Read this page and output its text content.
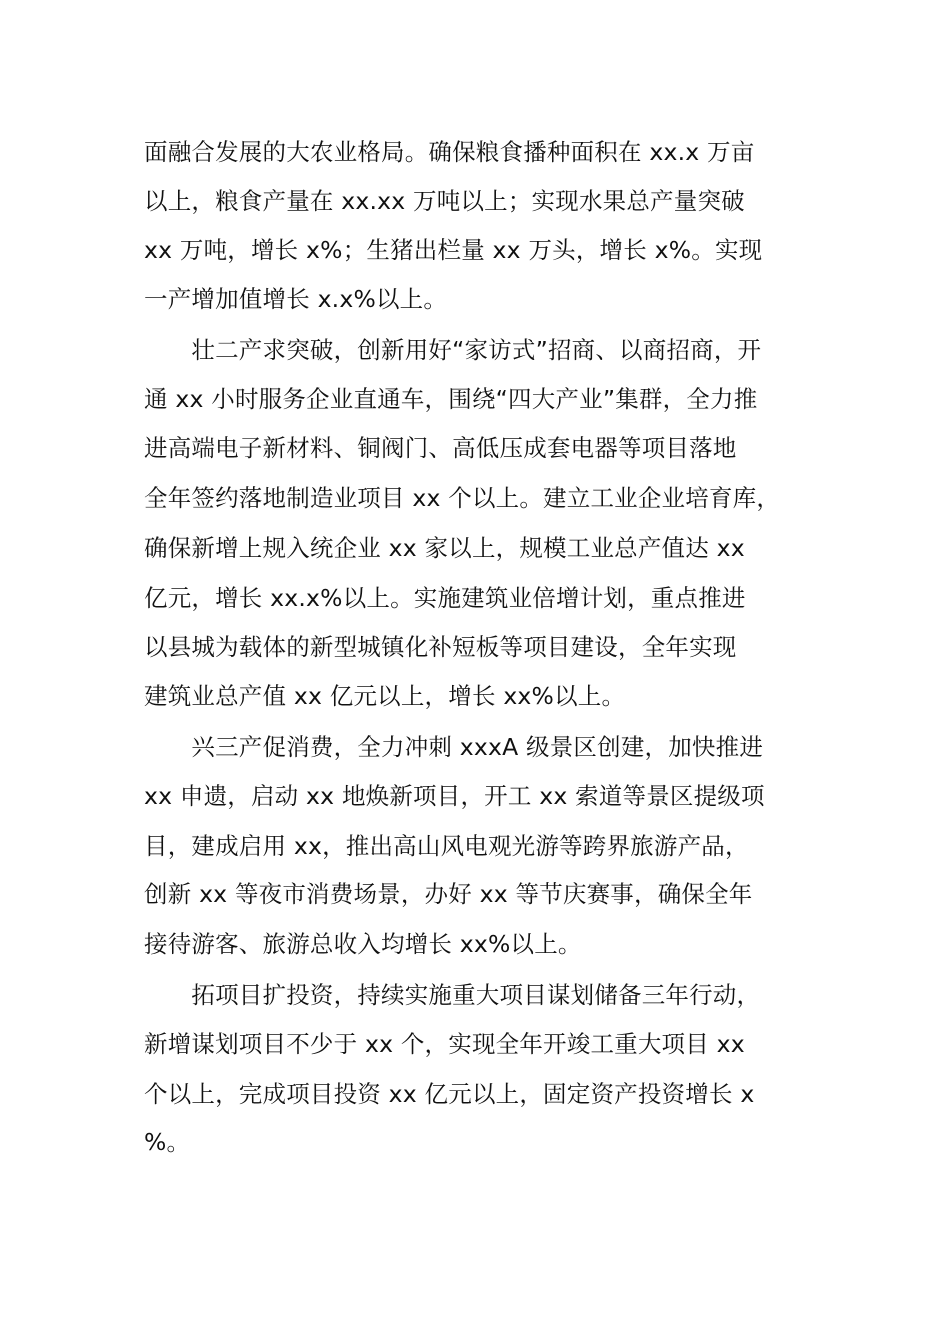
面融合发展的大农业格局。确保粮食播种面积在 xx.x 万亩
以上，粮食产量在 xx.xx 万吨以上；实现水果总产量突破
xx 万吨，增长 x%；生猪出栏量 xx 万头，增长 x%。实现
一产增加值增长 x.x%以上。
　　壮二产求突破，创新用好“家访式”招商、以商招商，开
通 xx 小时服务企业直通车，围绕“四大产业”集群，全力推
进高端电子新材料、铜阀门、高低压成套电器等项目落地
全年签约落地制造业项目 xx 个以上。建立工业企业培育库，
确保新增上规入统企业 xx 家以上，规模工业总产值达 xx
亿元，增长 xx.x%以上。实施建筑业倍增计划，重点推进
以县城为载体的新型城镇化补短板等项目建设，全年实现
建筑业总产值 xx 亿元以上，增长 xx%以上。
　　兴三产促消费，全力冲刺 xxxA 级景区创建，加快推进
xx 申遗，启动 xx 地焕新项目，开工 xx 索道等景区提级项
目，建成启用 xx，推出高山风电观光游等跨界旅游产品，
创新 xx 等夜市消费场景，办好 xx 等节庆赛事，确保全年
接待游客、旅游总收入均增长 xx%以上。
　　拓项目扩投资，持续实施重大项目谋划储备三年行动，
新增谋划项目不少于 xx 个，实现全年开竣工重大项目 xx
个以上，完成项目投资 xx 亿元以上，固定资产投资增长 x
%。
